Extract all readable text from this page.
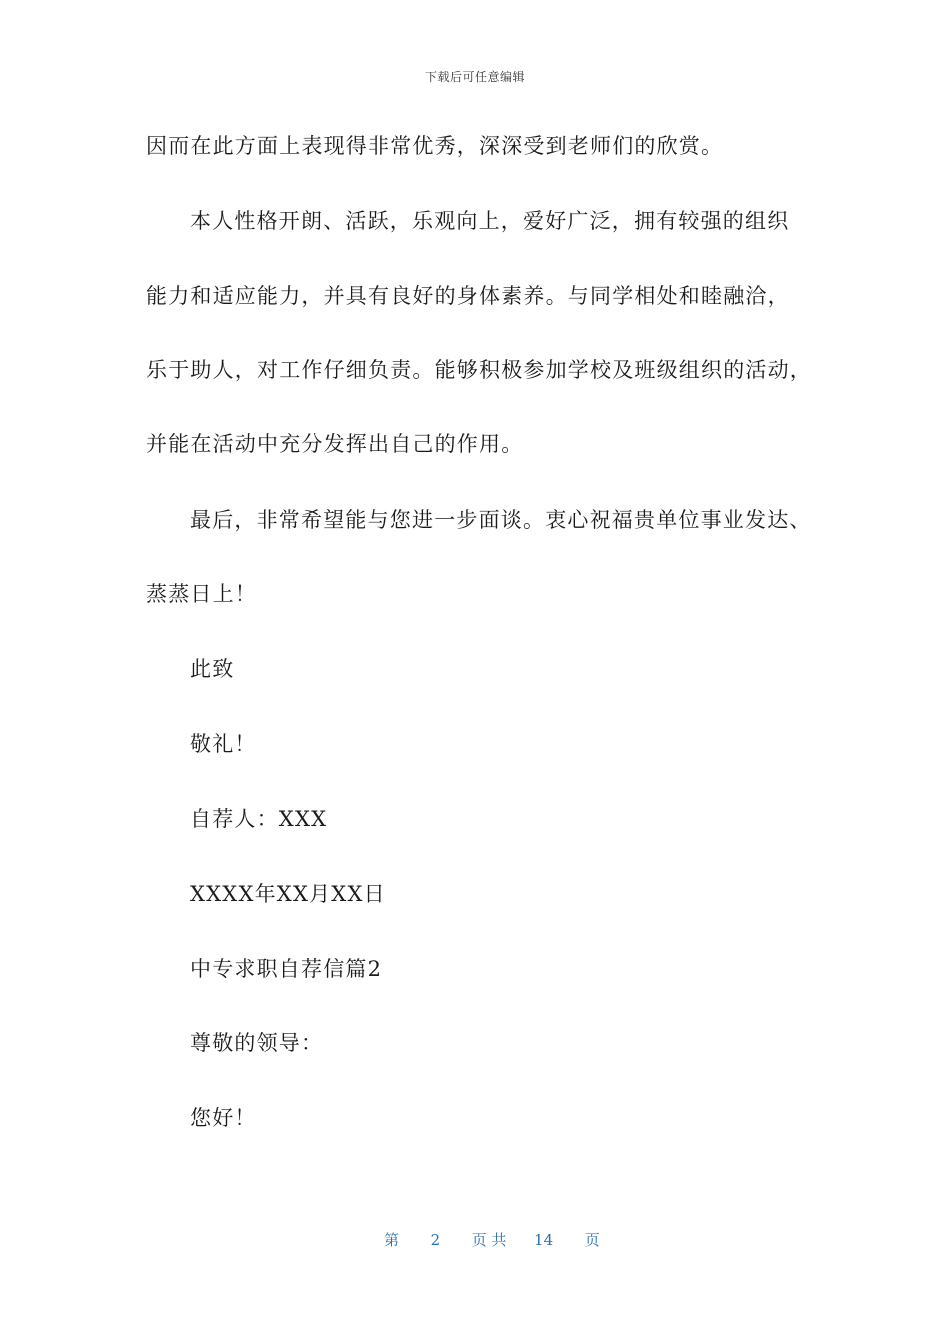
下载后可任意编辑
因而在此方面上表现得非常优秀，深深受到老师们的欣赏。
本人性格开朗、活跃，乐观向上，爱好广泛，拥有较强的组织
能力和适应能力，并具有良好的身体素养。与同学相处和睦融洽，
乐于助人，对工作仔细负责。能够积极参加学校及班级组织的活动，
并能在活动中充分发挥出自己的作用。
最后，非常希望能与您进一步面谈。衷心祝福贵单位事业发达、
蒸蒸日上！
此致
敬礼！
自荐人：XXX
XXXX年XX月XX日
中专求职自荐信篇2
尊敬的领导：
您好！
第 2 页 共 14 页
